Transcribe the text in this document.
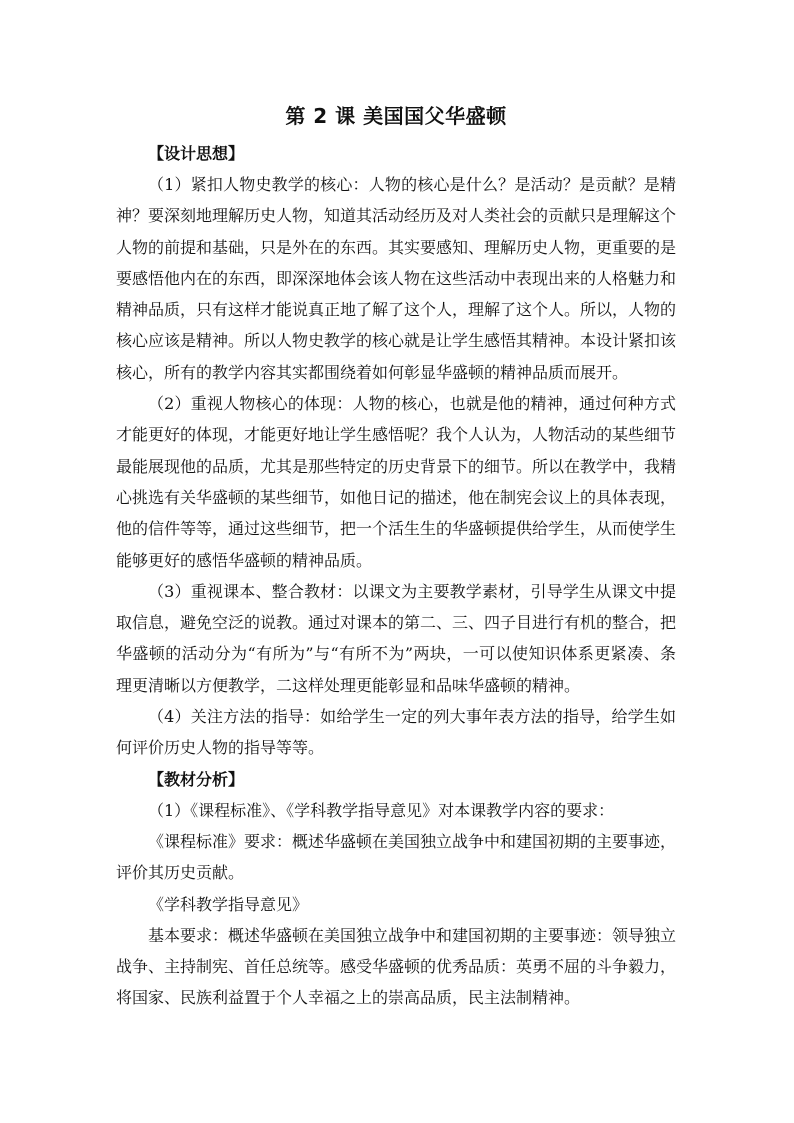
第 2 课 美国国父华盛顿

【设计思想】

（1）紧扣人物史教学的核心：人物的核心是什么？是活动？是贡献？是精神？要深刻地理解历史人物，知道其活动经历及对人类社会的贡献只是理解这个人物的前提和基础，只是外在的东西。其实要感知、理解历史人物，更重要的是要感悟他内在的东西，即深深地体会该人物在这些活动中表现出来的人格魅力和精神品质，只有这样才能说真正地了解了这个人，理解了这个人。所以，人物的核心应该是精神。所以人物史教学的核心就是让学生感悟其精神。本设计紧扣该核心，所有的教学内容其实都围绕着如何彰显华盛顿的精神品质而展开。

（2）重视人物核心的体现：人物的核心，也就是他的精神，通过何种方式才能更好的体现，才能更好地让学生感悟呢？我个人认为，人物活动的某些细节最能展现他的品质，尤其是那些特定的历史背景下的细节。所以在教学中，我精心挑选有关华盛顿的某些细节，如他日记的描述，他在制宪会议上的具体表现，他的信件等等，通过这些细节，把一个活生生的华盛顿提供给学生，从而使学生能够更好的感悟华盛顿的精神品质。

（3）重视课本、整合教材：以课文为主要教学素材，引导学生从课文中提取信息，避免空泛的说教。通过对课本的第二、三、四子目进行有机的整合，把华盛顿的活动分为“有所为”与“有所不为”两块，一可以使知识体系更紧凑、条理更清晰以方便教学，二这样处理更能彰显和品味华盛顿的精神。

（4）关注方法的指导：如给学生一定的列大事年表方法的指导，给学生如何评价历史人物的指导等等。

【教材分析】

（1）《课程标准》、《学科教学指导意见》对本课教学内容的要求：

《课程标准》要求：概述华盛顿在美国独立战争中和建国初期的主要事迹，评价其历史贡献。

《学科教学指导意见》

基本要求：概述华盛顿在美国独立战争中和建国初期的主要事迹：领导独立战争、主持制宪、首任总统等。感受华盛顿的优秀品质：英勇不屈的斗争毅力，将国家、民族利益置于个人幸福之上的崇高品质，民主法制精神。
